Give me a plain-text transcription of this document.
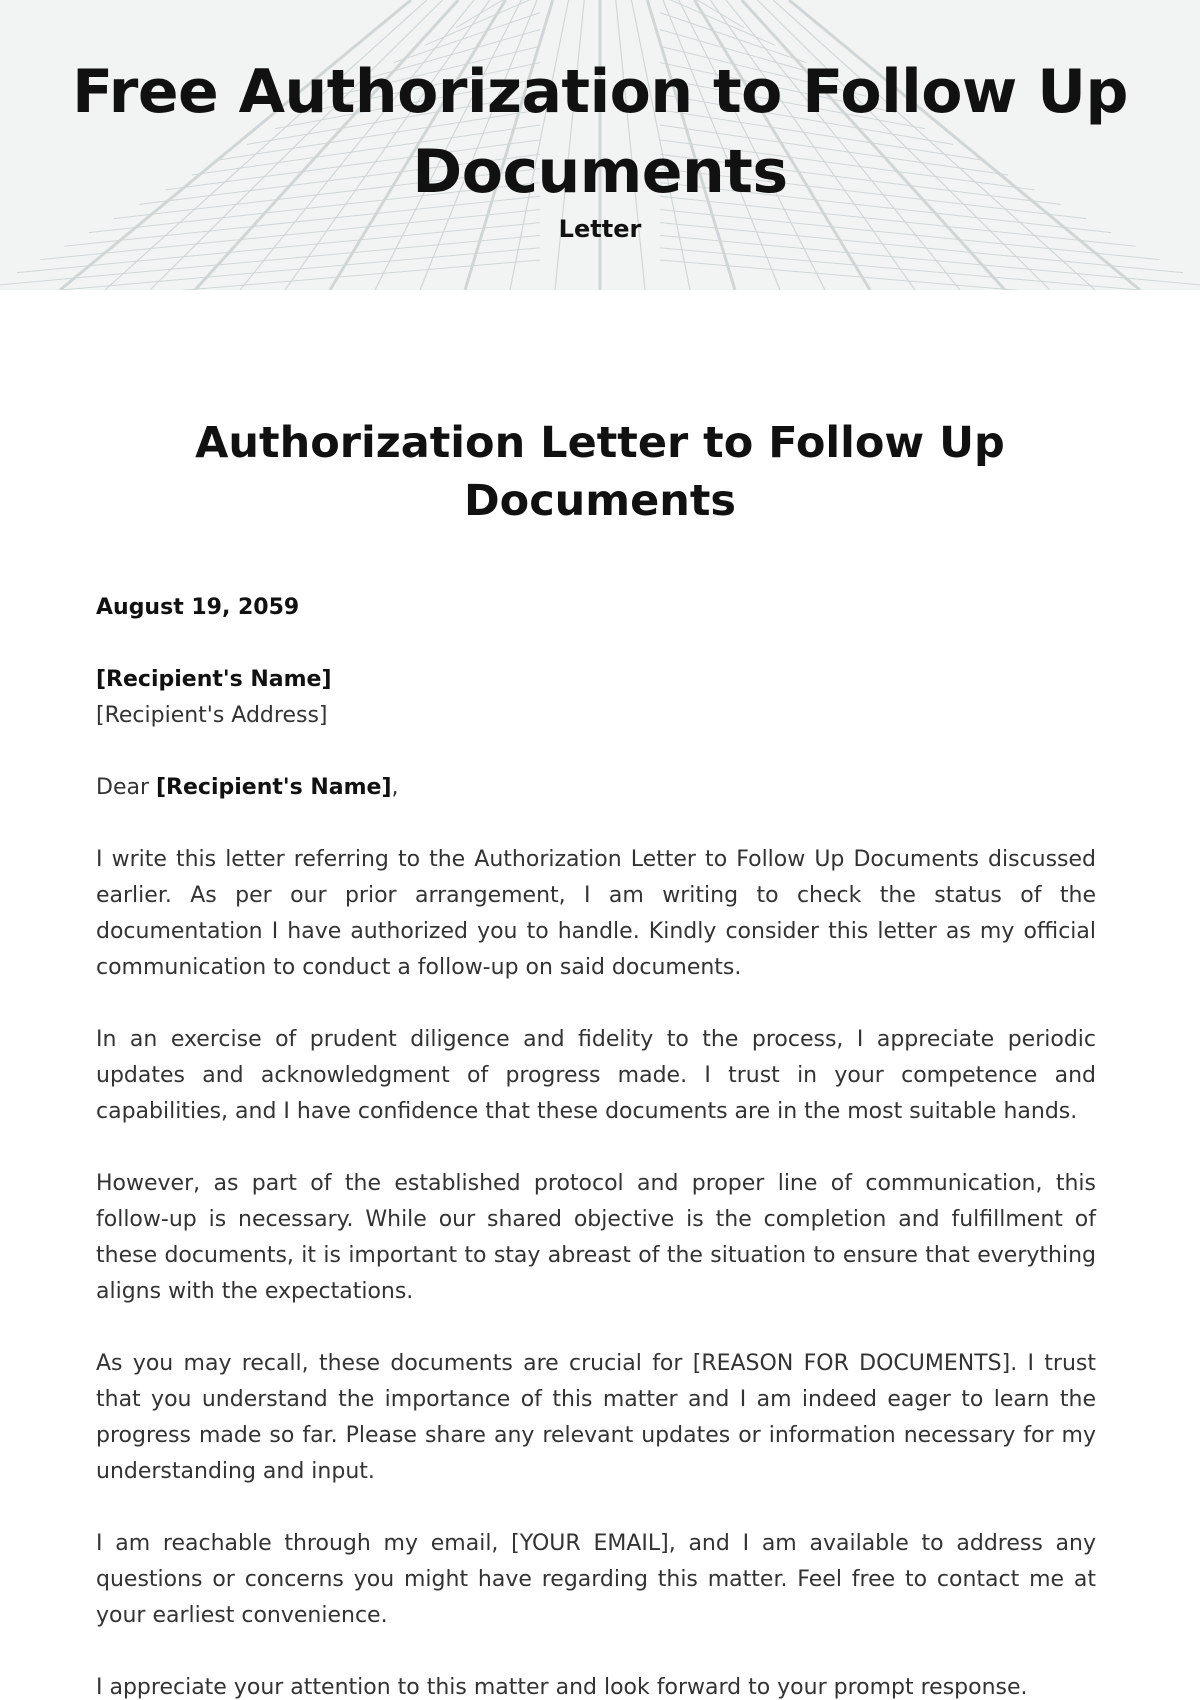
Free Authorization to Follow Up Documents
Letter
Authorization Letter to Follow Up Documents

August 19, 2059

[Recipient's Name]
[Recipient's Address]

Dear [Recipient's Name],

I write this letter referring to the Authorization Letter to Follow Up Documents discussed earlier. As per our prior arrangement, I am writing to check the status of the documentation I have authorized you to handle. Kindly consider this letter as my official communication to conduct a follow-up on said documents.

In an exercise of prudent diligence and fidelity to the process, I appreciate periodic updates and acknowledgment of progress made. I trust in your competence and capabilities, and I have confidence that these documents are in the most suitable hands.

However, as part of the established protocol and proper line of communication, this follow-up is necessary. While our shared objective is the completion and fulfillment of these documents, it is important to stay abreast of the situation to ensure that everything aligns with the expectations.

As you may recall, these documents are crucial for [REASON FOR DOCUMENTS]. I trust that you understand the importance of this matter and I am indeed eager to learn the progress made so far. Please share any relevant updates or information necessary for my understanding and input.

I am reachable through my email, [YOUR EMAIL], and I am available to address any questions or concerns you might have regarding this matter. Feel free to contact me at your earliest convenience.

I appreciate your attention to this matter and look forward to your prompt response.
